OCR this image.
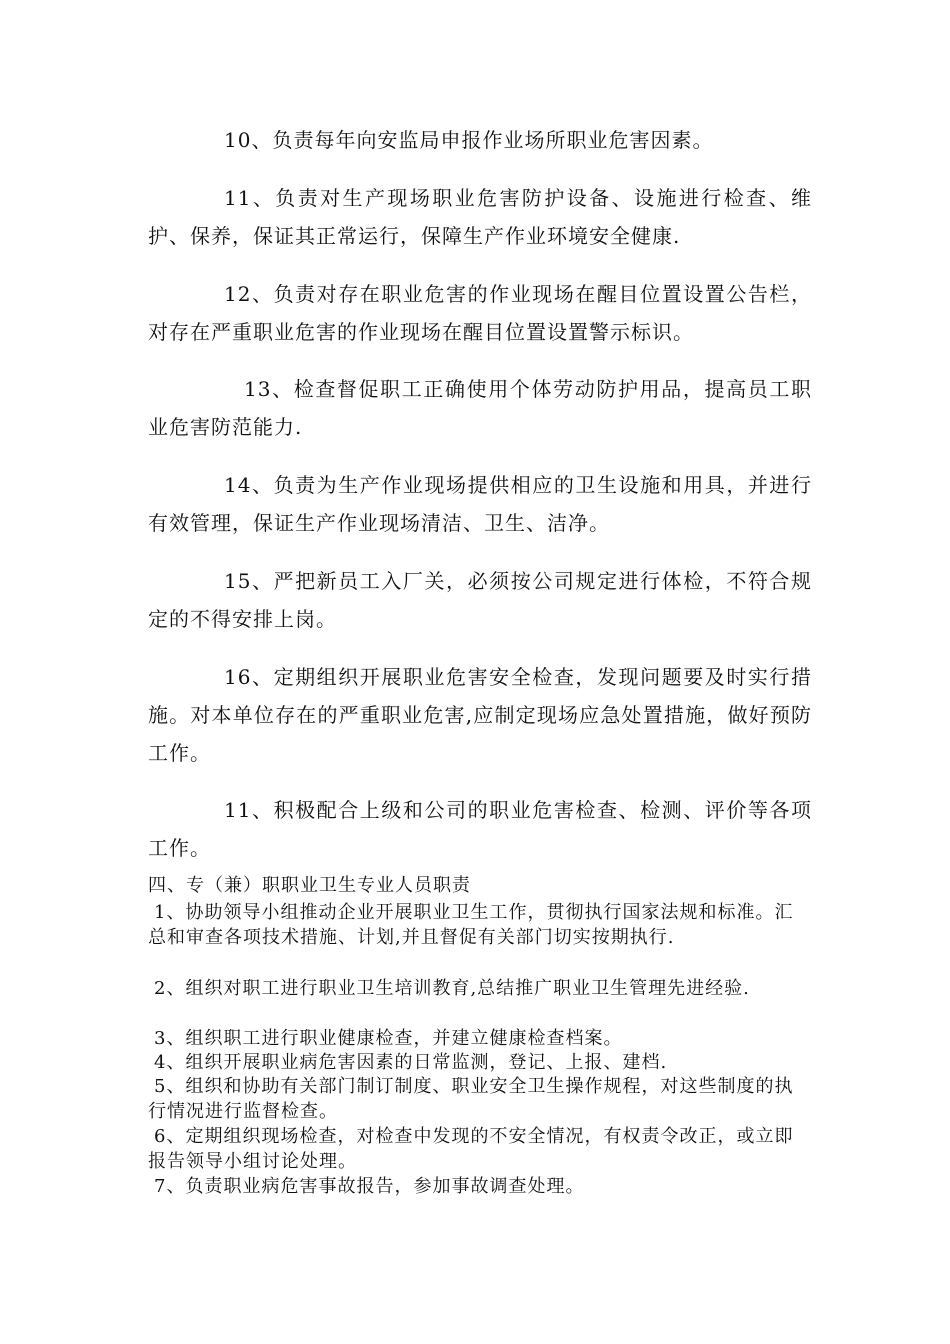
10、负责每年向安监局申报作业场所职业危害因素。

11、负责对生产现场职业危害防护设备、设施进行检查、维护、保养，保证其正常运行，保障生产作业环境安全健康.

12、负责对存在职业危害的作业现场在醒目位置设置公告栏，对存在严重职业危害的作业现场在醒目位置设置警示标识。

13、检查督促职工正确使用个体劳动防护用品，提高员工职业危害防范能力.

14、负责为生产作业现场提供相应的卫生设施和用具，并进行有效管理，保证生产作业现场清洁、卫生、洁净。

15、严把新员工入厂关，必须按公司规定进行体检，不符合规定的不得安排上岗。

16、定期组织开展职业危害安全检查，发现问题要及时实行措施。对本单位存在的严重职业危害,应制定现场应急处置措施，做好预防工作。

11、积极配合上级和公司的职业危害检查、检测、评价等各项工作。

四、专（兼）职职业卫生专业人员职责

1、协助领导小组推动企业开展职业卫生工作，贯彻执行国家法规和标准。汇总和审查各项技术措施、计划,并且督促有关部门切实按期执行.

2、组织对职工进行职业卫生培训教育,总结推广职业卫生管理先进经验.

3、组织职工进行职业健康检查，并建立健康检查档案。

4、组织开展职业病危害因素的日常监测，登记、上报、建档.

5、组织和协助有关部门制订制度、职业安全卫生操作规程，对这些制度的执行情况进行监督检查。

6、定期组织现场检查，对检查中发现的不安全情况，有权责令改正，或立即报告领导小组讨论处理。

7、负责职业病危害事故报告，参加事故调查处理。
